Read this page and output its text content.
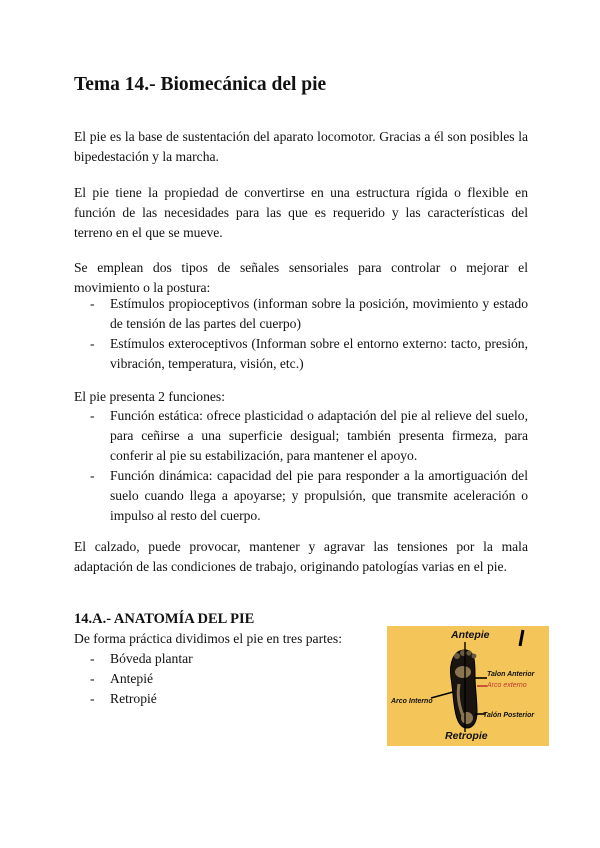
Tema 14.- Biomecánica del pie

El pie es la base de sustentación del aparato locomotor. Gracias a él son posibles la bipedestación y la marcha.

El pie tiene la propiedad de convertirse en una estructura rígida o flexible en función de las necesidades para las que es requerido y las características del terreno en el que se mueve.

Se emplean dos tipos de señales sensoriales para controlar o mejorar el movimiento o la postura:

- Estímulos propioceptivos (informan sobre la posición, movimiento y estado de tensión de las partes del cuerpo)
- Estímulos exteroceptivos (Informan sobre el entorno externo: tacto, presión, vibración, temperatura, visión, etc.)

El pie presenta 2 funciones:

- Función estática: ofrece plasticidad o adaptación del pie al relieve del suelo, para ceñirse a una superficie desigual; también presenta firmeza, para conferir al pie su estabilización, para mantener el apoyo.
- Función dinámica: capacidad del pie para responder a la amortiguación del suelo cuando llega a apoyarse; y propulsión, que transmite aceleración o impulso al resto del cuerpo.

El calzado, puede provocar, mantener y agravar las tensiones por la mala adaptación de las condiciones de trabajo, originando patologías varias en el pie.

14.A.- ANATOMÍA DEL PIE

De forma práctica dividimos el pie en tres partes:

- Bóveda plantar
- Antepié
- Retropié
Antepie
Talon Anterior
Arco externo
Arco Interno
Talón Posterior
Retropie
